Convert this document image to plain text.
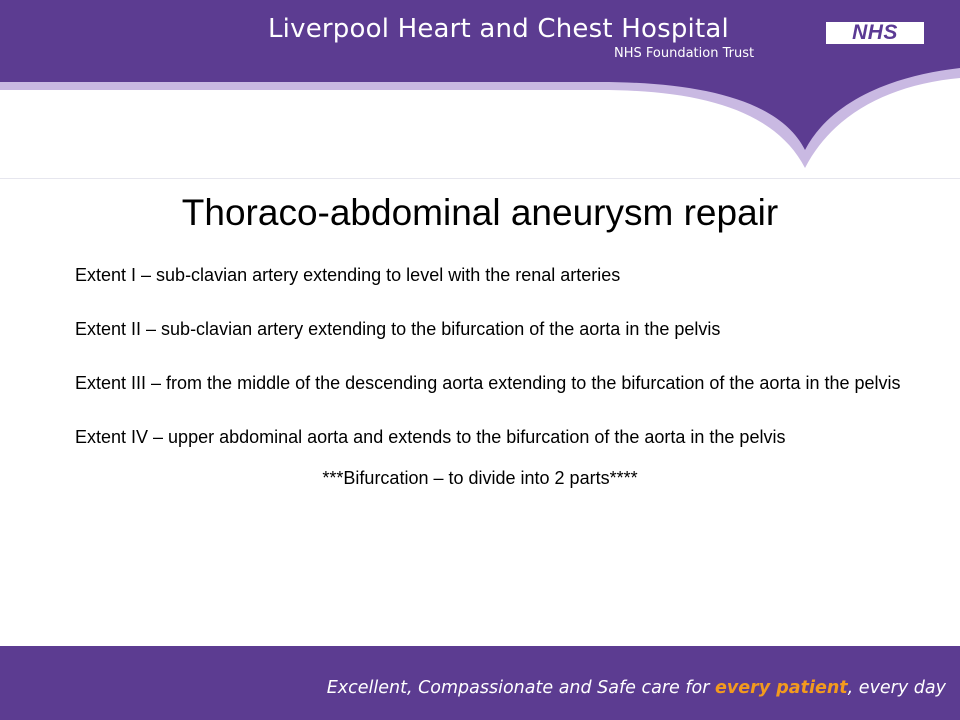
Liverpool Heart and Chest Hospital
NHS Foundation Trust
NHS
Thoraco-abdominal aneurysm repair

Extent I – sub-clavian artery extending to level with the renal arteries

Extent II – sub-clavian artery extending to the bifurcation of the aorta in the pelvis

Extent III – from the middle of the descending aorta extending to the bifurcation of the aorta in the pelvis

Extent IV – upper abdominal aorta and extends to the bifurcation of the aorta in the pelvis

***Bifurcation – to divide into 2 parts****

Excellent, Compassionate and Safe care for every patient, every day
